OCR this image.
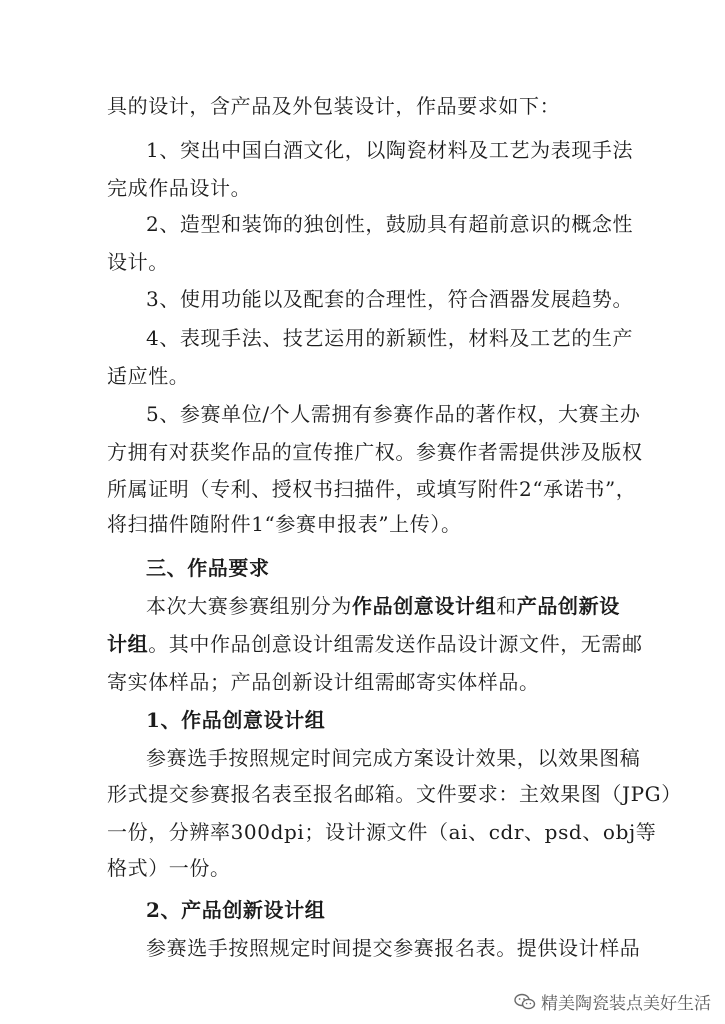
具的设计，含产品及外包装设计，作品要求如下：
1、突出中国白酒文化，以陶瓷材料及工艺为表现手法
完成作品设计。
2、造型和装饰的独创性，鼓励具有超前意识的概念性
设计。
3、使用功能以及配套的合理性，符合酒器发展趋势。
4、表现手法、技艺运用的新颖性，材料及工艺的生产
适应性。
5、参赛单位/个人需拥有参赛作品的著作权，大赛主办
方拥有对获奖作品的宣传推广权。参赛作者需提供涉及版权
所属证明（专利、授权书扫描件，或填写附件2“承诺书”，
将扫描件随附件1“参赛申报表”上传）。
三、作品要求
本次大赛参赛组别分为作品创意设计组和产品创新设
计组。其中作品创意设计组需发送作品设计源文件，无需邮
寄实体样品；产品创新设计组需邮寄实体样品。
1、作品创意设计组
参赛选手按照规定时间完成方案设计效果，以效果图稿
形式提交参赛报名表至报名邮箱。文件要求：主效果图（JPG）
一份，分辨率300dpi；设计源文件（ai、cdr、psd、obj等
格式）一份。
2、产品创新设计组
参赛选手按照规定时间提交参赛报名表。提供设计样品
精美陶瓷装点美好生活
